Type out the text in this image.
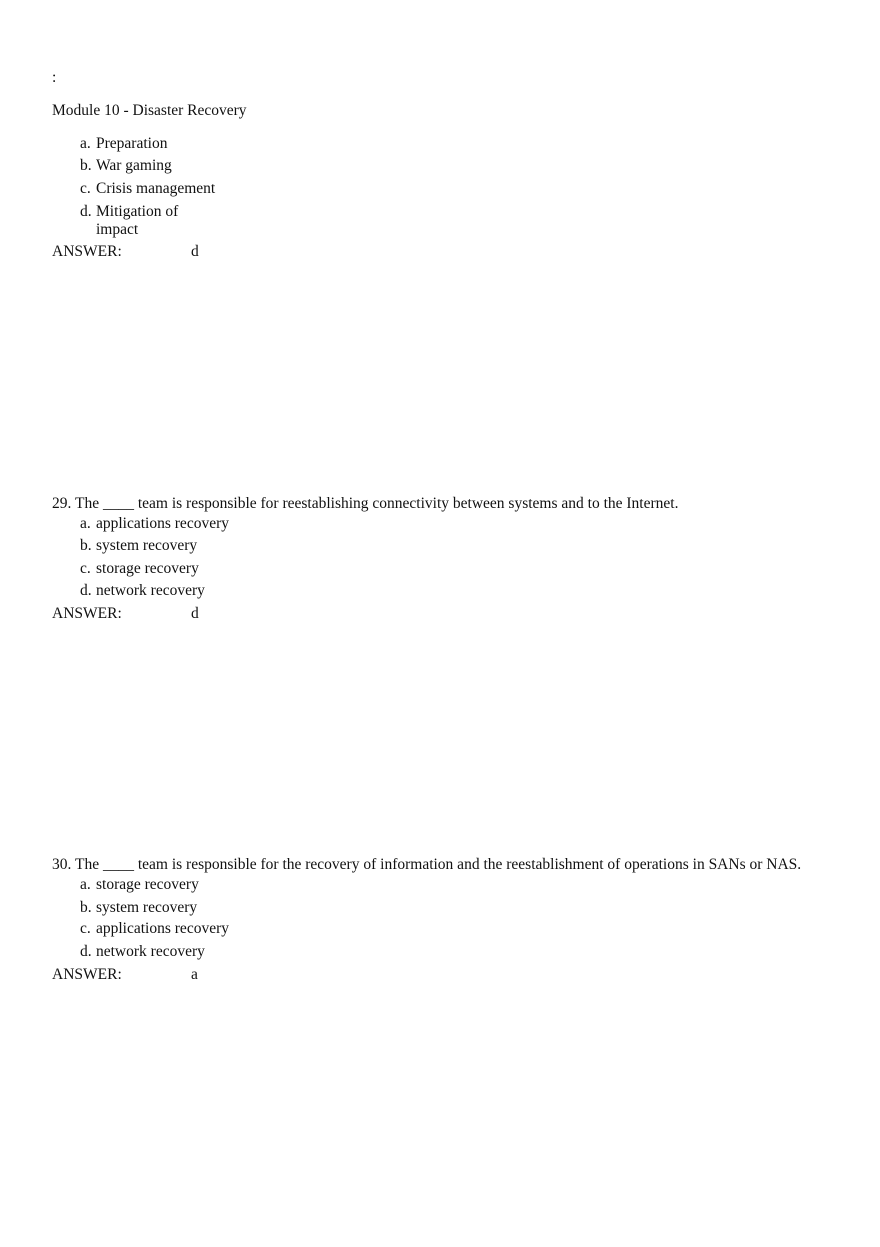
:
Module 10 - Disaster Recovery
a. Preparation
b. War gaming
c. Crisis management
d. Mitigation of
impact
ANSWER:	d
29. The ____ team is responsible for reestablishing connectivity between systems and to the Internet.
a. applications recovery
b. system recovery
c. storage recovery
d. network recovery
ANSWER:	d
30. The ____ team is responsible for the recovery of information and the reestablishment of operations in SANs or NAS.
a. storage recovery
b. system recovery
c. applications recovery
d. network recovery
ANSWER:	a
